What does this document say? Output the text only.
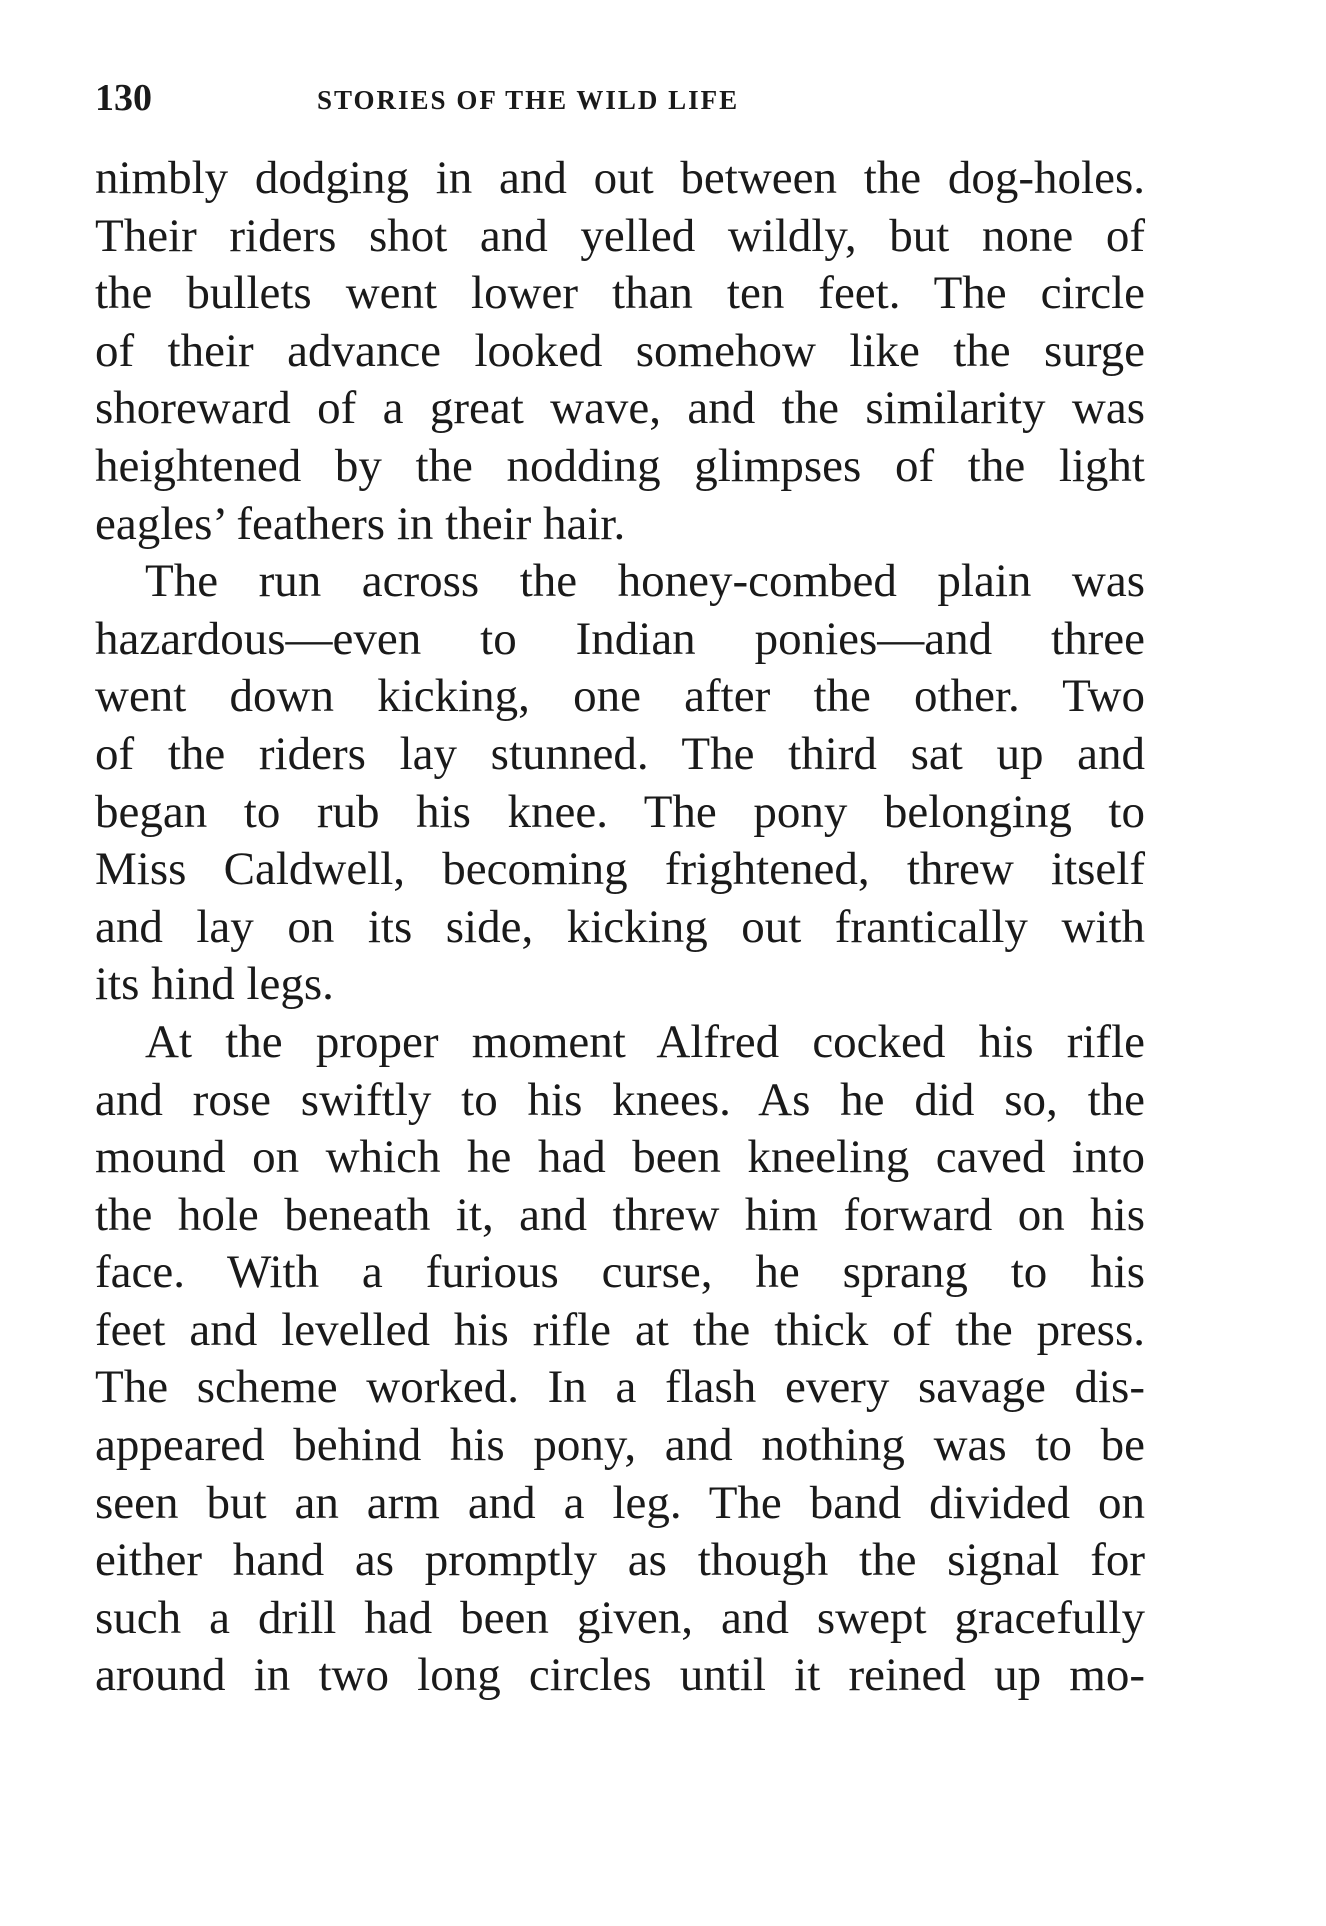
130	STORIES OF THE WILD LIFE
nimbly dodging in and out between the dog-holes.
Their riders shot and yelled wildly, but none of
the bullets went lower than ten feet. The circle
of their advance looked somehow like the surge
shoreward of a great wave, and the similarity was
heightened by the nodding glimpses of the light
eagles’ feathers in their hair.
The run across the honey-combed plain was
hazardous—even to Indian ponies—and three
went down kicking, one after the other. Two
of the riders lay stunned. The third sat up and
began to rub his knee. The pony belonging to
Miss Caldwell, becoming frightened, threw itself
and lay on its side, kicking out frantically with
its hind legs.
At the proper moment Alfred cocked his rifle
and rose swiftly to his knees. As he did so, the
mound on which he had been kneeling caved into
the hole beneath it, and threw him forward on his
face. With a furious curse, he sprang to his
feet and levelled his rifle at the thick of the press.
The scheme worked. In a flash every savage dis-
appeared behind his pony, and nothing was to be
seen but an arm and a leg. The band divided on
either hand as promptly as though the signal for
such a drill had been given, and swept gracefully
around in two long circles until it reined up mo-
